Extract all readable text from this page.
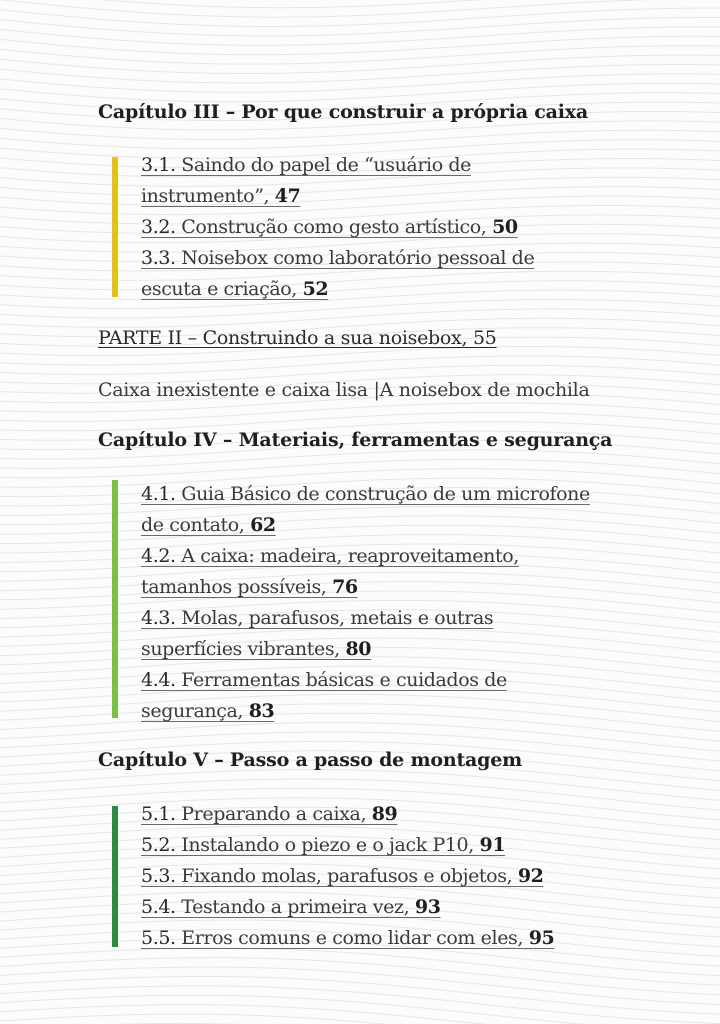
Capítulo III – Por que construir a própria caixa
3.1. Saindo do papel de “usuário de
instrumento”, 47
3.2. Construção como gesto artístico, 50
3.3. Noisebox como laboratório pessoal de
escuta e criação, 52
PARTE II – Construindo a sua noisebox, 55
Caixa inexistente e caixa lisa |A noisebox de mochila
Capítulo IV – Materiais, ferramentas e segurança
4.1. Guia Básico de construção de um microfone
de contato, 62
4.2. A caixa: madeira, reaproveitamento,
tamanhos possíveis, 76
4.3. Molas, parafusos, metais e outras
superfícies vibrantes, 80
4.4. Ferramentas básicas e cuidados de
segurança, 83
Capítulo V – Passo a passo de montagem
5.1. Preparando a caixa, 89
5.2. Instalando o piezo e o jack P10, 91
5.3. Fixando molas, parafusos e objetos, 92
5.4. Testando a primeira vez, 93
5.5. Erros comuns e como lidar com eles, 95
